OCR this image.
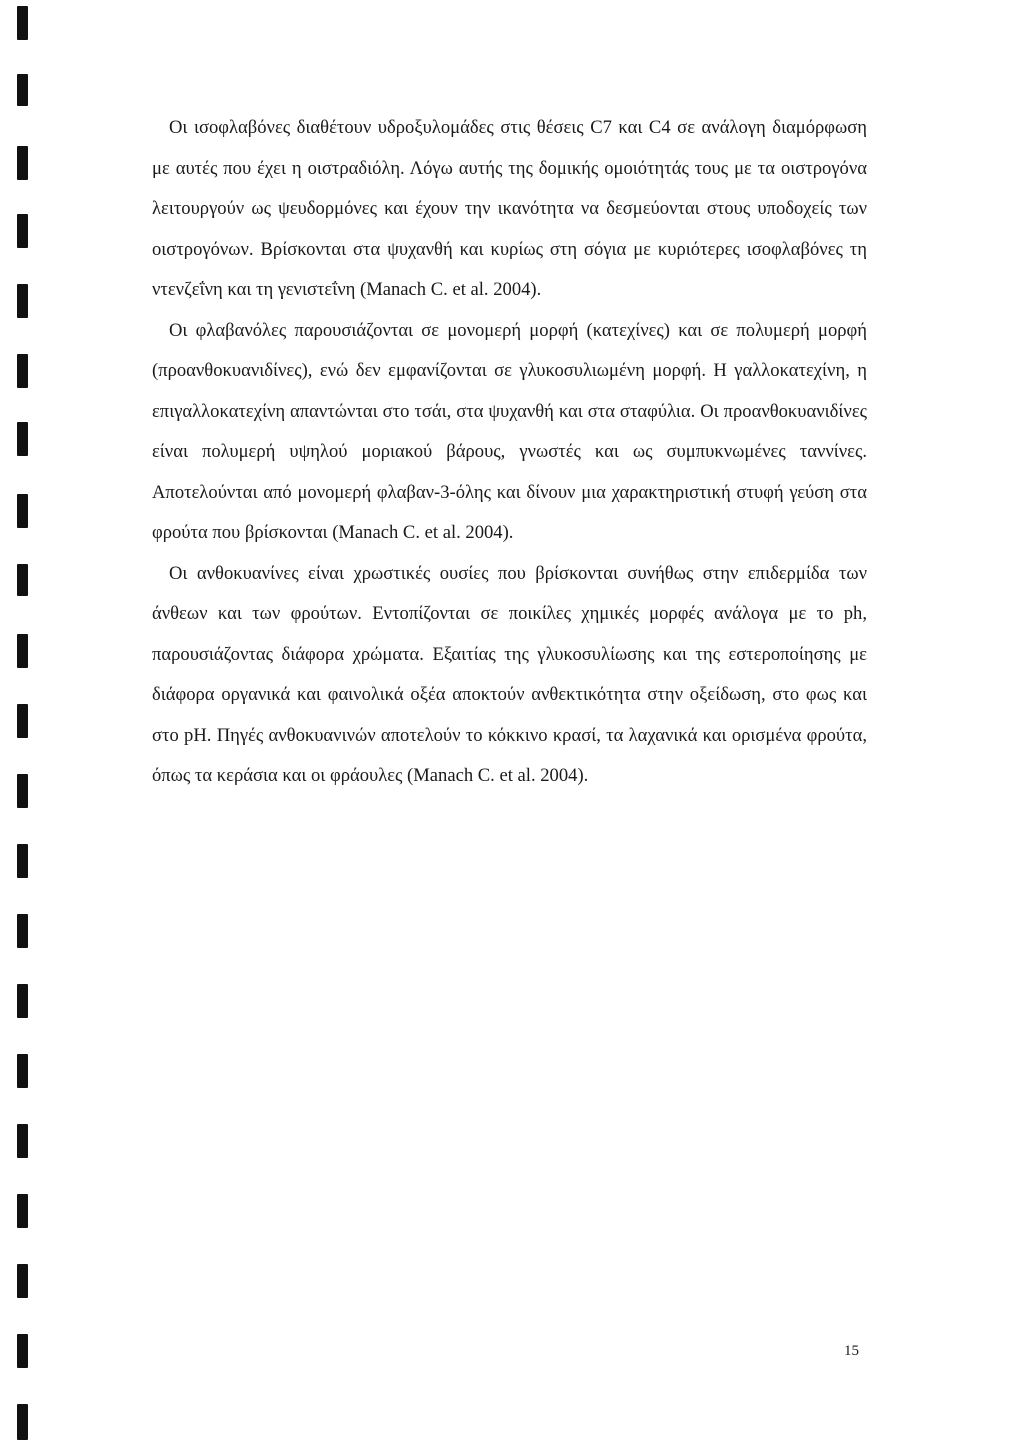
Οι ισοφλαβόνες διαθέτουν υδροξυλομάδες στις θέσεις C7 και C4 σε ανάλογη διαμόρφωση με αυτές που έχει η οιστραδιόλη. Λόγω αυτής της δομικής ομοιότητάς τους με τα οιστρογόνα λειτουργούν ως ψευδορμόνες και έχουν την ικανότητα να δεσμεύονται στους υποδοχείς των οιστρογόνων. Βρίσκονται στα ψυχανθή και κυρίως στη σόγια με κυριότερες ισοφλαβόνες τη ντενζεΐνη και τη γενιστεΐνη (Manach C. et al. 2004).

Οι φλαβανόλες παρουσιάζονται σε μονομερή μορφή (κατεχίνες) και σε πολυμερή μορφή (προανθοκυανιδίνες), ενώ δεν εμφανίζονται σε γλυκοσυλιωμένη μορφή. Η γαλλοκατεχίνη, η επιγαλλοκατεχίνη απαντώνται στο τσάι, στα ψυχανθή και στα σταφύλια. Οι προανθοκυανιδίνες είναι πολυμερή υψηλού μοριακού βάρους, γνωστές και ως συμπυκνωμένες ταννίνες. Αποτελούνται από μονομερή φλαβαν-3-όλης και δίνουν μια χαρακτηριστική στυφή γεύση στα φρούτα που βρίσκονται (Manach C. et al. 2004).

Οι ανθοκυανίνες είναι χρωστικές ουσίες που βρίσκονται συνήθως στην επιδερμίδα των άνθεων και των φρούτων. Εντοπίζονται σε ποικίλες χημικές μορφές ανάλογα με το ph, παρουσιάζοντας διάφορα χρώματα. Εξαιτίας της γλυκοσυλίωσης και της εστεροποίησης με διάφορα οργανικά και φαινολικά οξέα αποκτούν ανθεκτικότητα στην οξείδωση, στο φως και στο pH. Πηγές ανθοκυανινών αποτελούν το κόκκινο κρασί, τα λαχανικά και ορισμένα φρούτα, όπως τα κεράσια και οι φράουλες (Manach C. et al. 2004).

15
